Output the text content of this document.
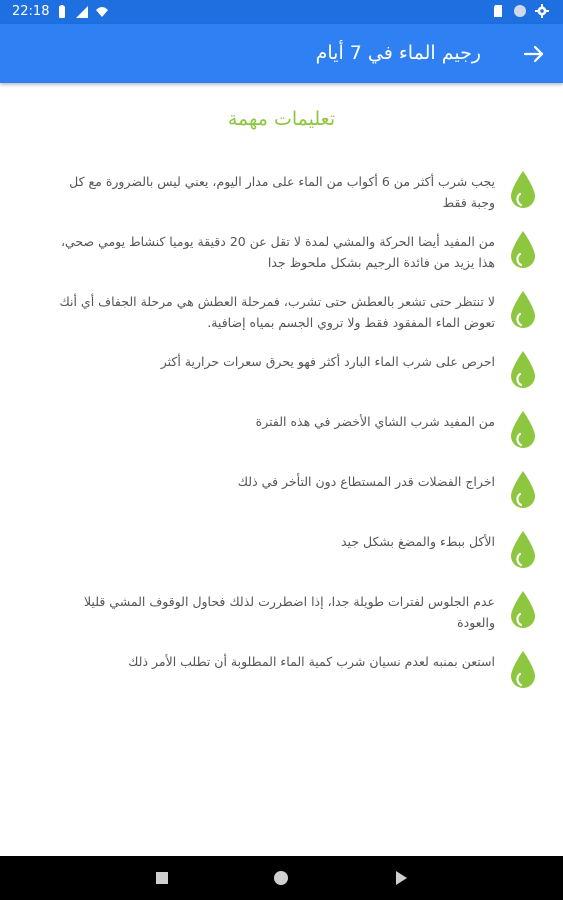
22:18
رجيم الماء في 7 أيام
تعليمات مهمة
يجب شرب أكثر من 6 أكواب من الماء على مدار اليوم، يعني ليس بالضرورة مع كل وجبة فقط
من المفيد أيضا الحركة والمشي لمدة لا تقل عن 20 دقيقة يوميا كنشاط يومي صحي، هذا يزيد من فائدة الرجيم بشكل ملحوظ جدا
لا تنتظر حتى تشعر بالعطش حتى تشرب، فمرحلة العطش هي مرحلة الجفاف أي أنك تعوض الماء المفقود فقط ولا تروي الجسم بمياه إضافية.
احرص على شرب الماء البارد أكثر فهو يحرق سعرات حرارية أكثر
من المفيد شرب الشاي الأخضر في هذه الفترة
اخراج الفضلات قدر المستطاع دون التأخر في ذلك
الأكل ببطء والمضغ بشكل جيد
عدم الجلوس لفترات طويلة جدا، إذا اضطررت لذلك فحاول الوقوف المشي قليلا والعودة
استعن بمنبه لعدم نسيان شرب كمية الماء المطلوبة أن تطلب الأمر ذلك
